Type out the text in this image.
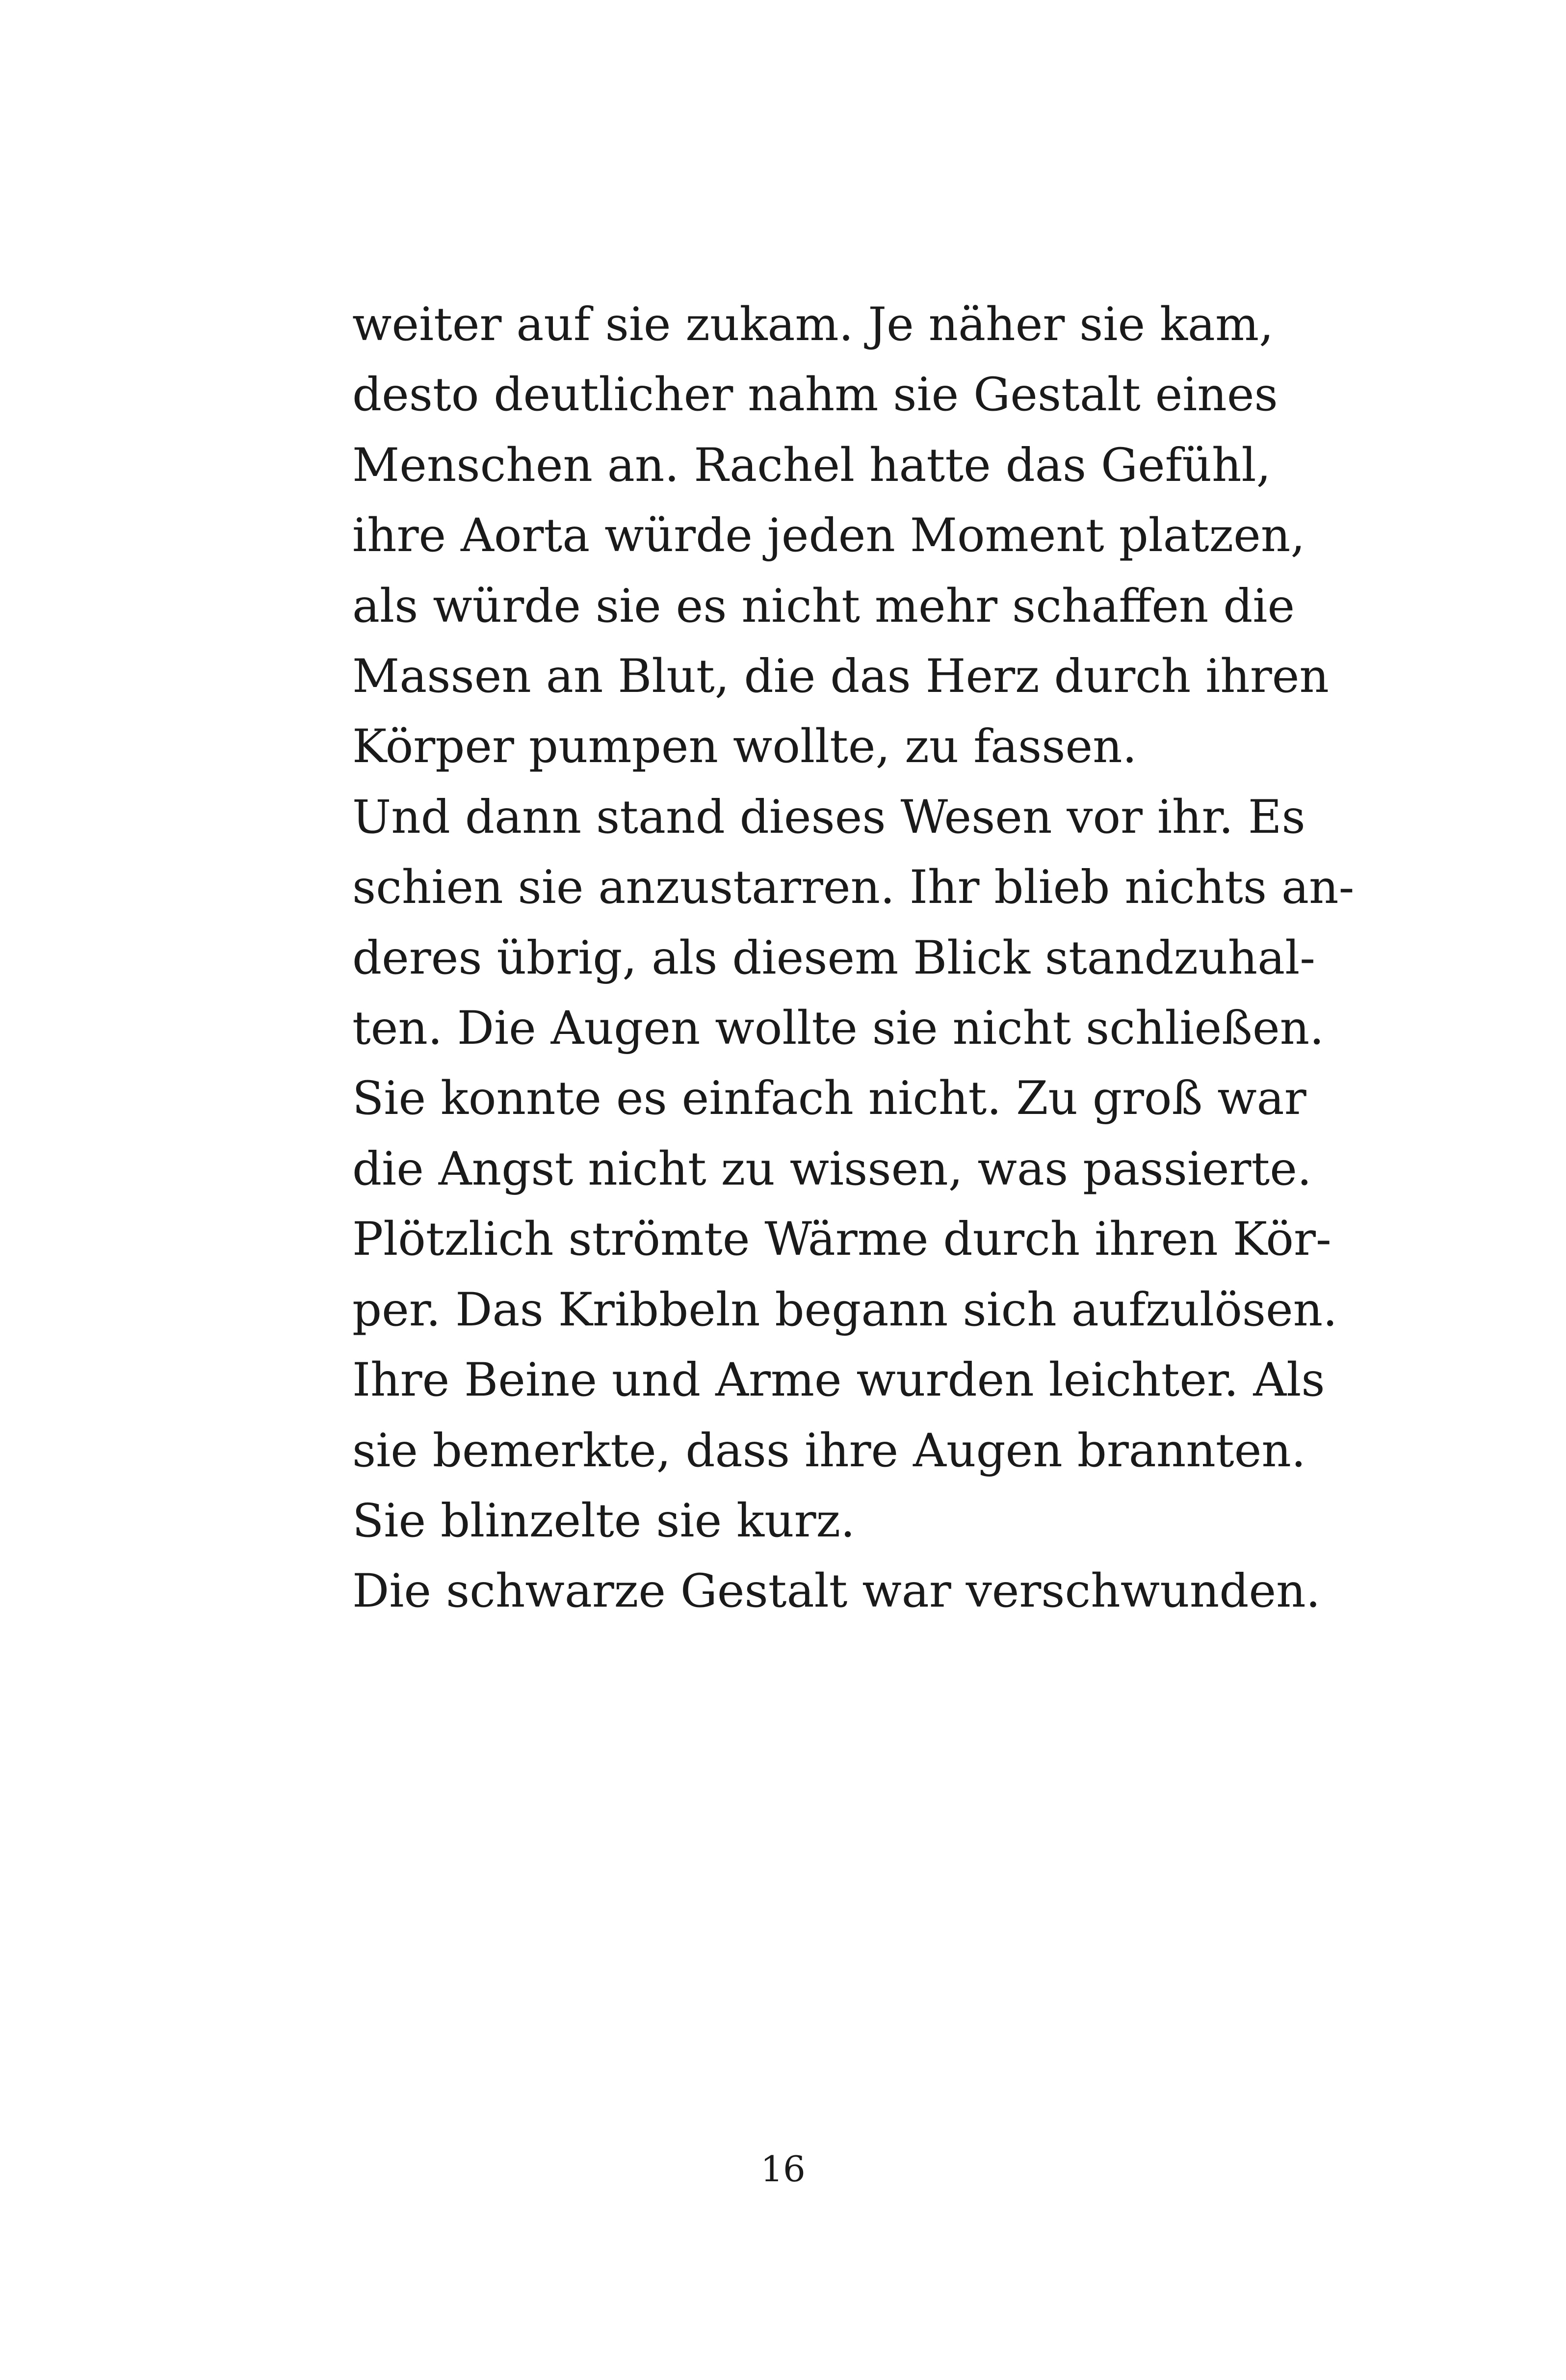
weiter auf sie zukam. Je näher sie kam,
desto deutlicher nahm sie Gestalt eines
Menschen an. Rachel hatte das Gefühl,
ihre Aorta würde jeden Moment platzen,
als würde sie es nicht mehr schaffen die
Massen an Blut, die das Herz durch ihren
Körper pumpen wollte, zu fassen.
Und dann stand dieses Wesen vor ihr. Es
schien sie anzustarren. Ihr blieb nichts an-
deres übrig, als diesem Blick standzuhal-
ten. Die Augen wollte sie nicht schließen.
Sie konnte es einfach nicht. Zu groß war
die Angst nicht zu wissen, was passierte.
Plötzlich strömte Wärme durch ihren Kör-
per. Das Kribbeln begann sich aufzulösen.
Ihre Beine und Arme wurden leichter. Als
sie bemerkte, dass ihre Augen brannten.
Sie blinzelte sie kurz.
Die schwarze Gestalt war verschwunden.
16
